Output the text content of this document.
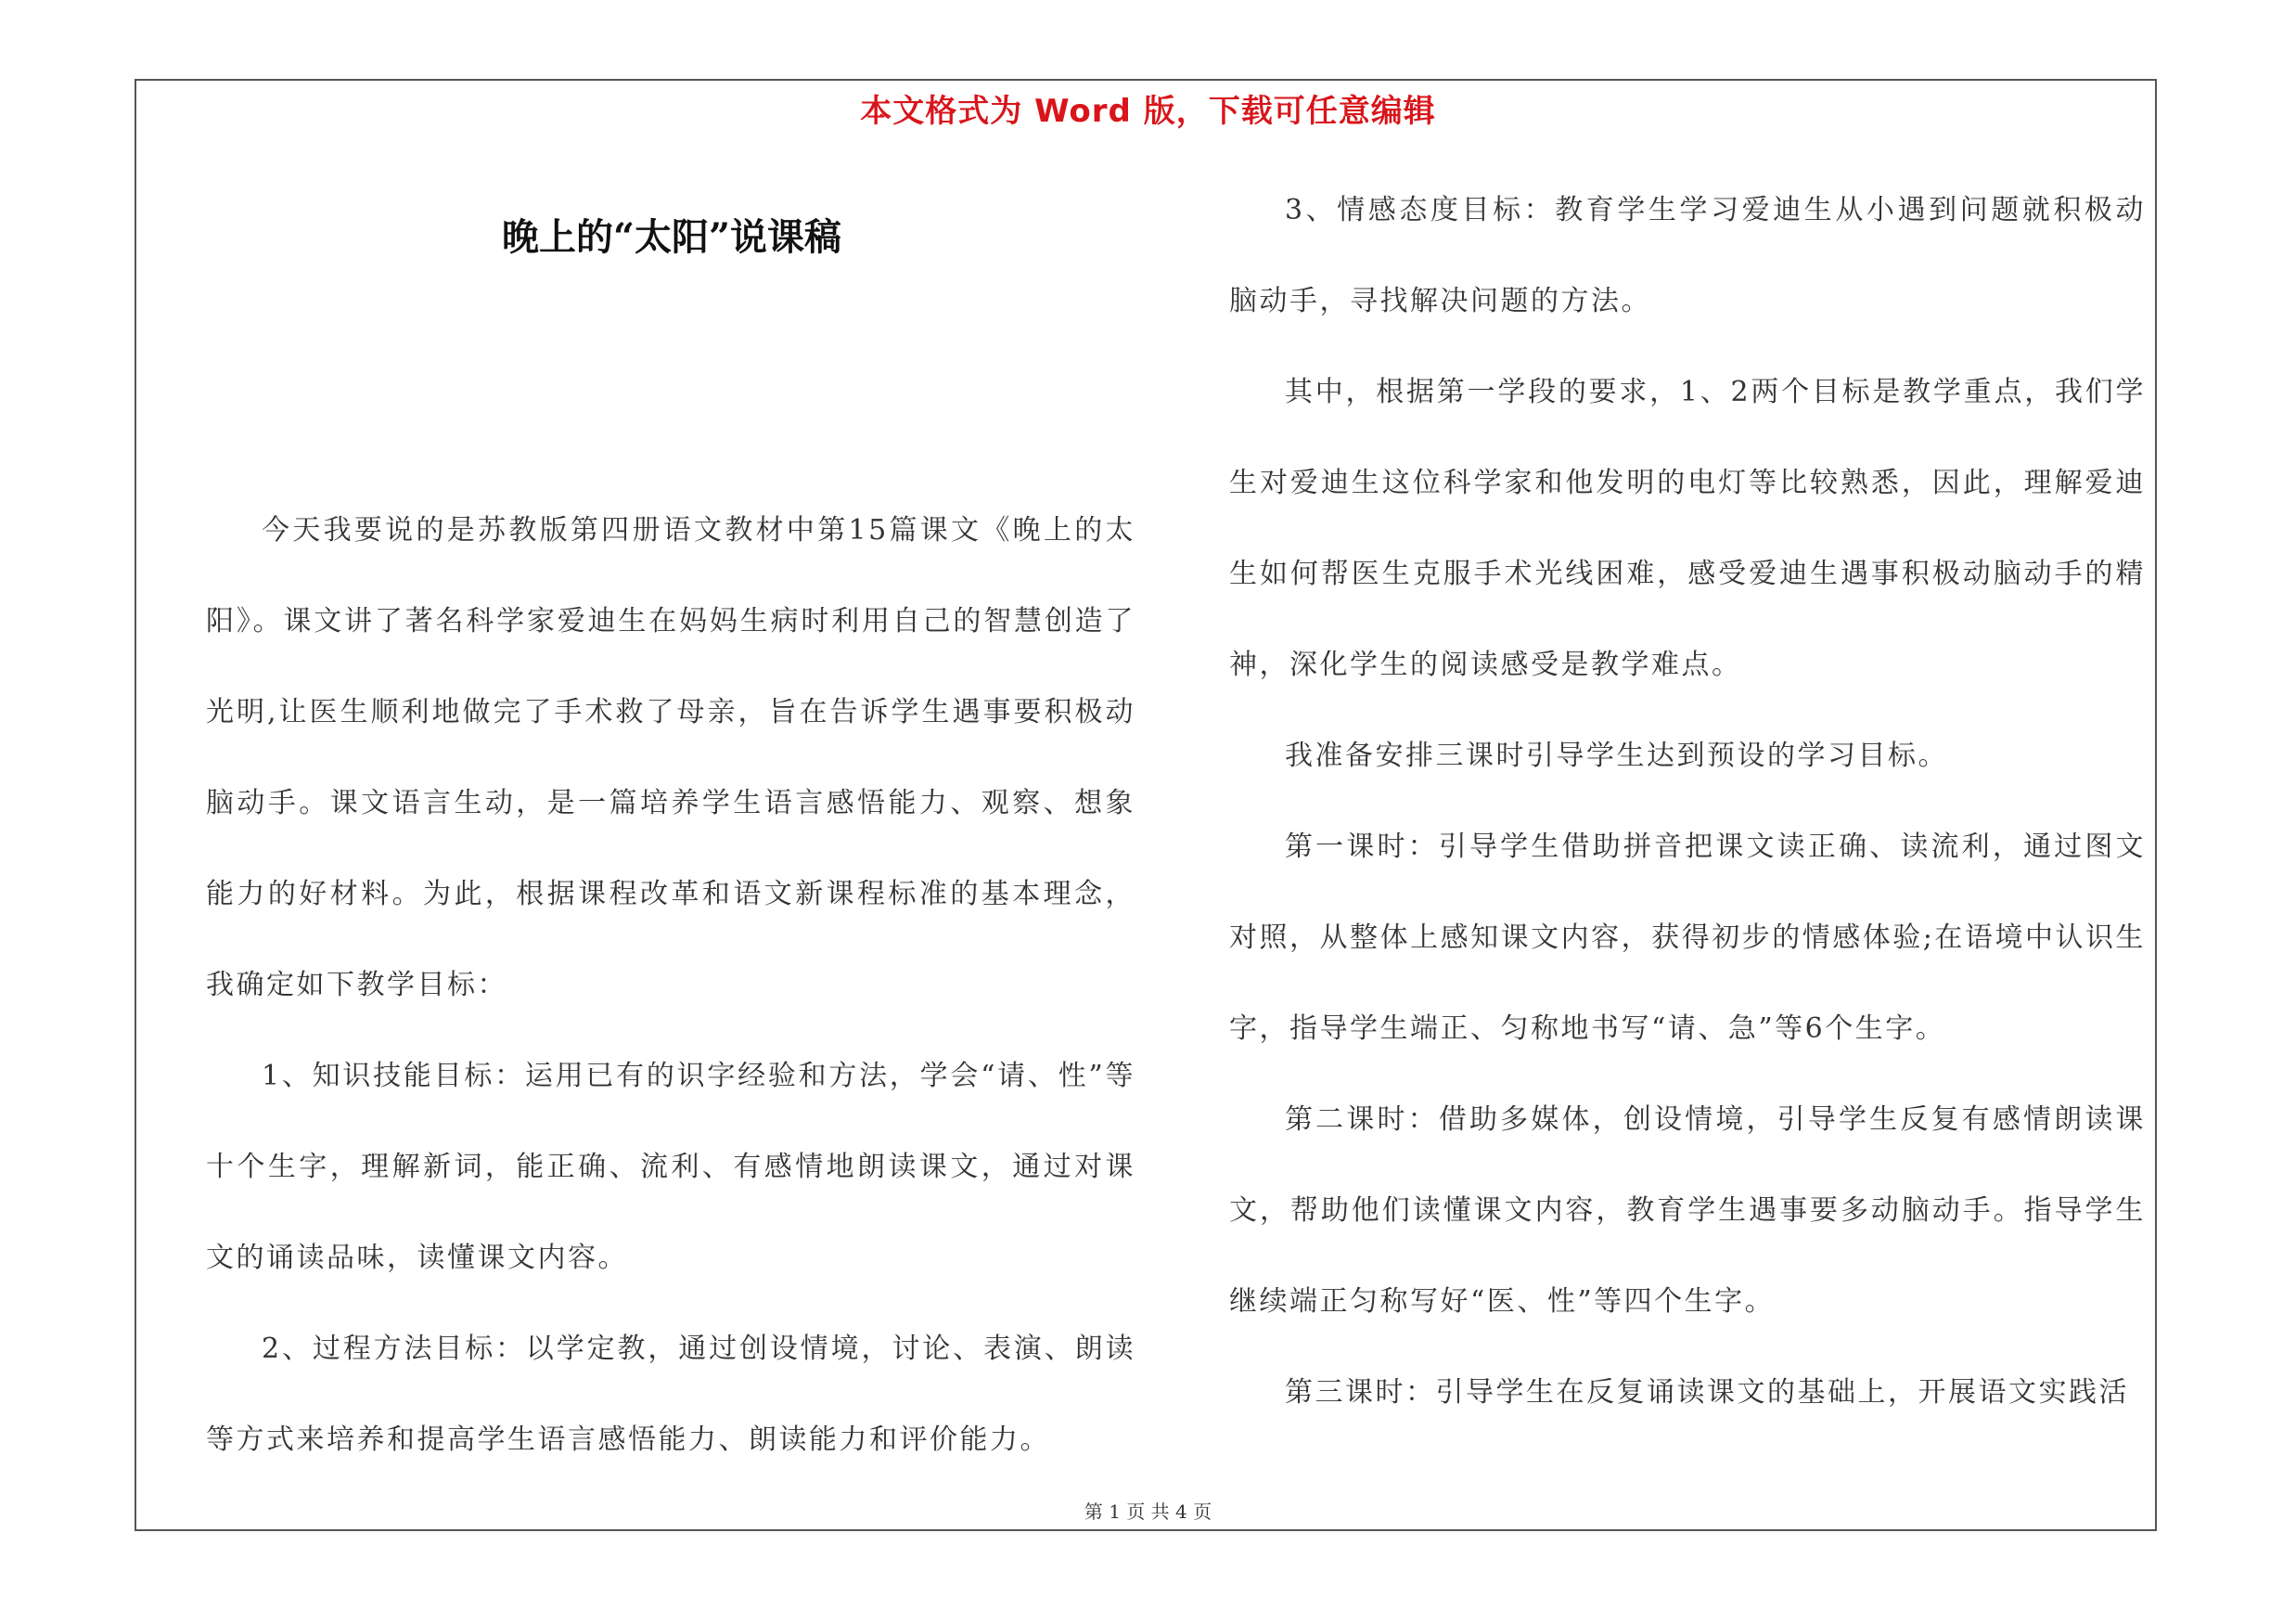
本文格式为 Word 版，下载可任意编辑
晚上的“太阳”说课稿

今天我要说的是苏教版第四册语文教材中第15篇课文《晚上的太阳》。课文讲了著名科学家爱迪生在妈妈生病时利用自己的智慧创造了光明,让医生顺利地做完了手术救了母亲，旨在告诉学生遇事要积极动脑动手。课文语言生动，是一篇培养学生语言感悟能力、观察、想象能力的好材料。为此，根据课程改革和语文新课程标准的基本理念，我确定如下教学目标：

1、知识技能目标：运用已有的识字经验和方法，学会“请、性”等十个生字，理解新词，能正确、流利、有感情地朗读课文，通过对课文的诵读品味，读懂课文内容。

2、过程方法目标：以学定教，通过创设情境，讨论、表演、朗读等方式来培养和提高学生语言感悟能力、朗读能力和评价能力。

3、情感态度目标：教育学生学习爱迪生从小遇到问题就积极动脑动手，寻找解决问题的方法。

其中，根据第一学段的要求，1、2两个目标是教学重点，我们学生对爱迪生这位科学家和他发明的电灯等比较熟悉，因此，理解爱迪生如何帮医生克服手术光线困难，感受爱迪生遇事积极动脑动手的精神，深化学生的阅读感受是教学难点。

我准备安排三课时引导学生达到预设的学习目标。

第一课时：引导学生借助拼音把课文读正确、读流利，通过图文对照，从整体上感知课文内容，获得初步的情感体验;在语境中认识生字，指导学生端正、匀称地书写“请、急”等6个生字。

第二课时：借助多媒体，创设情境，引导学生反复有感情朗读课文，帮助他们读懂课文内容，教育学生遇事要多动脑动手。指导学生继续端正匀称写好“医、性”等四个生字。

第三课时：引导学生在反复诵读课文的基础上，开展语文实践活

第 1 页 共 4 页
